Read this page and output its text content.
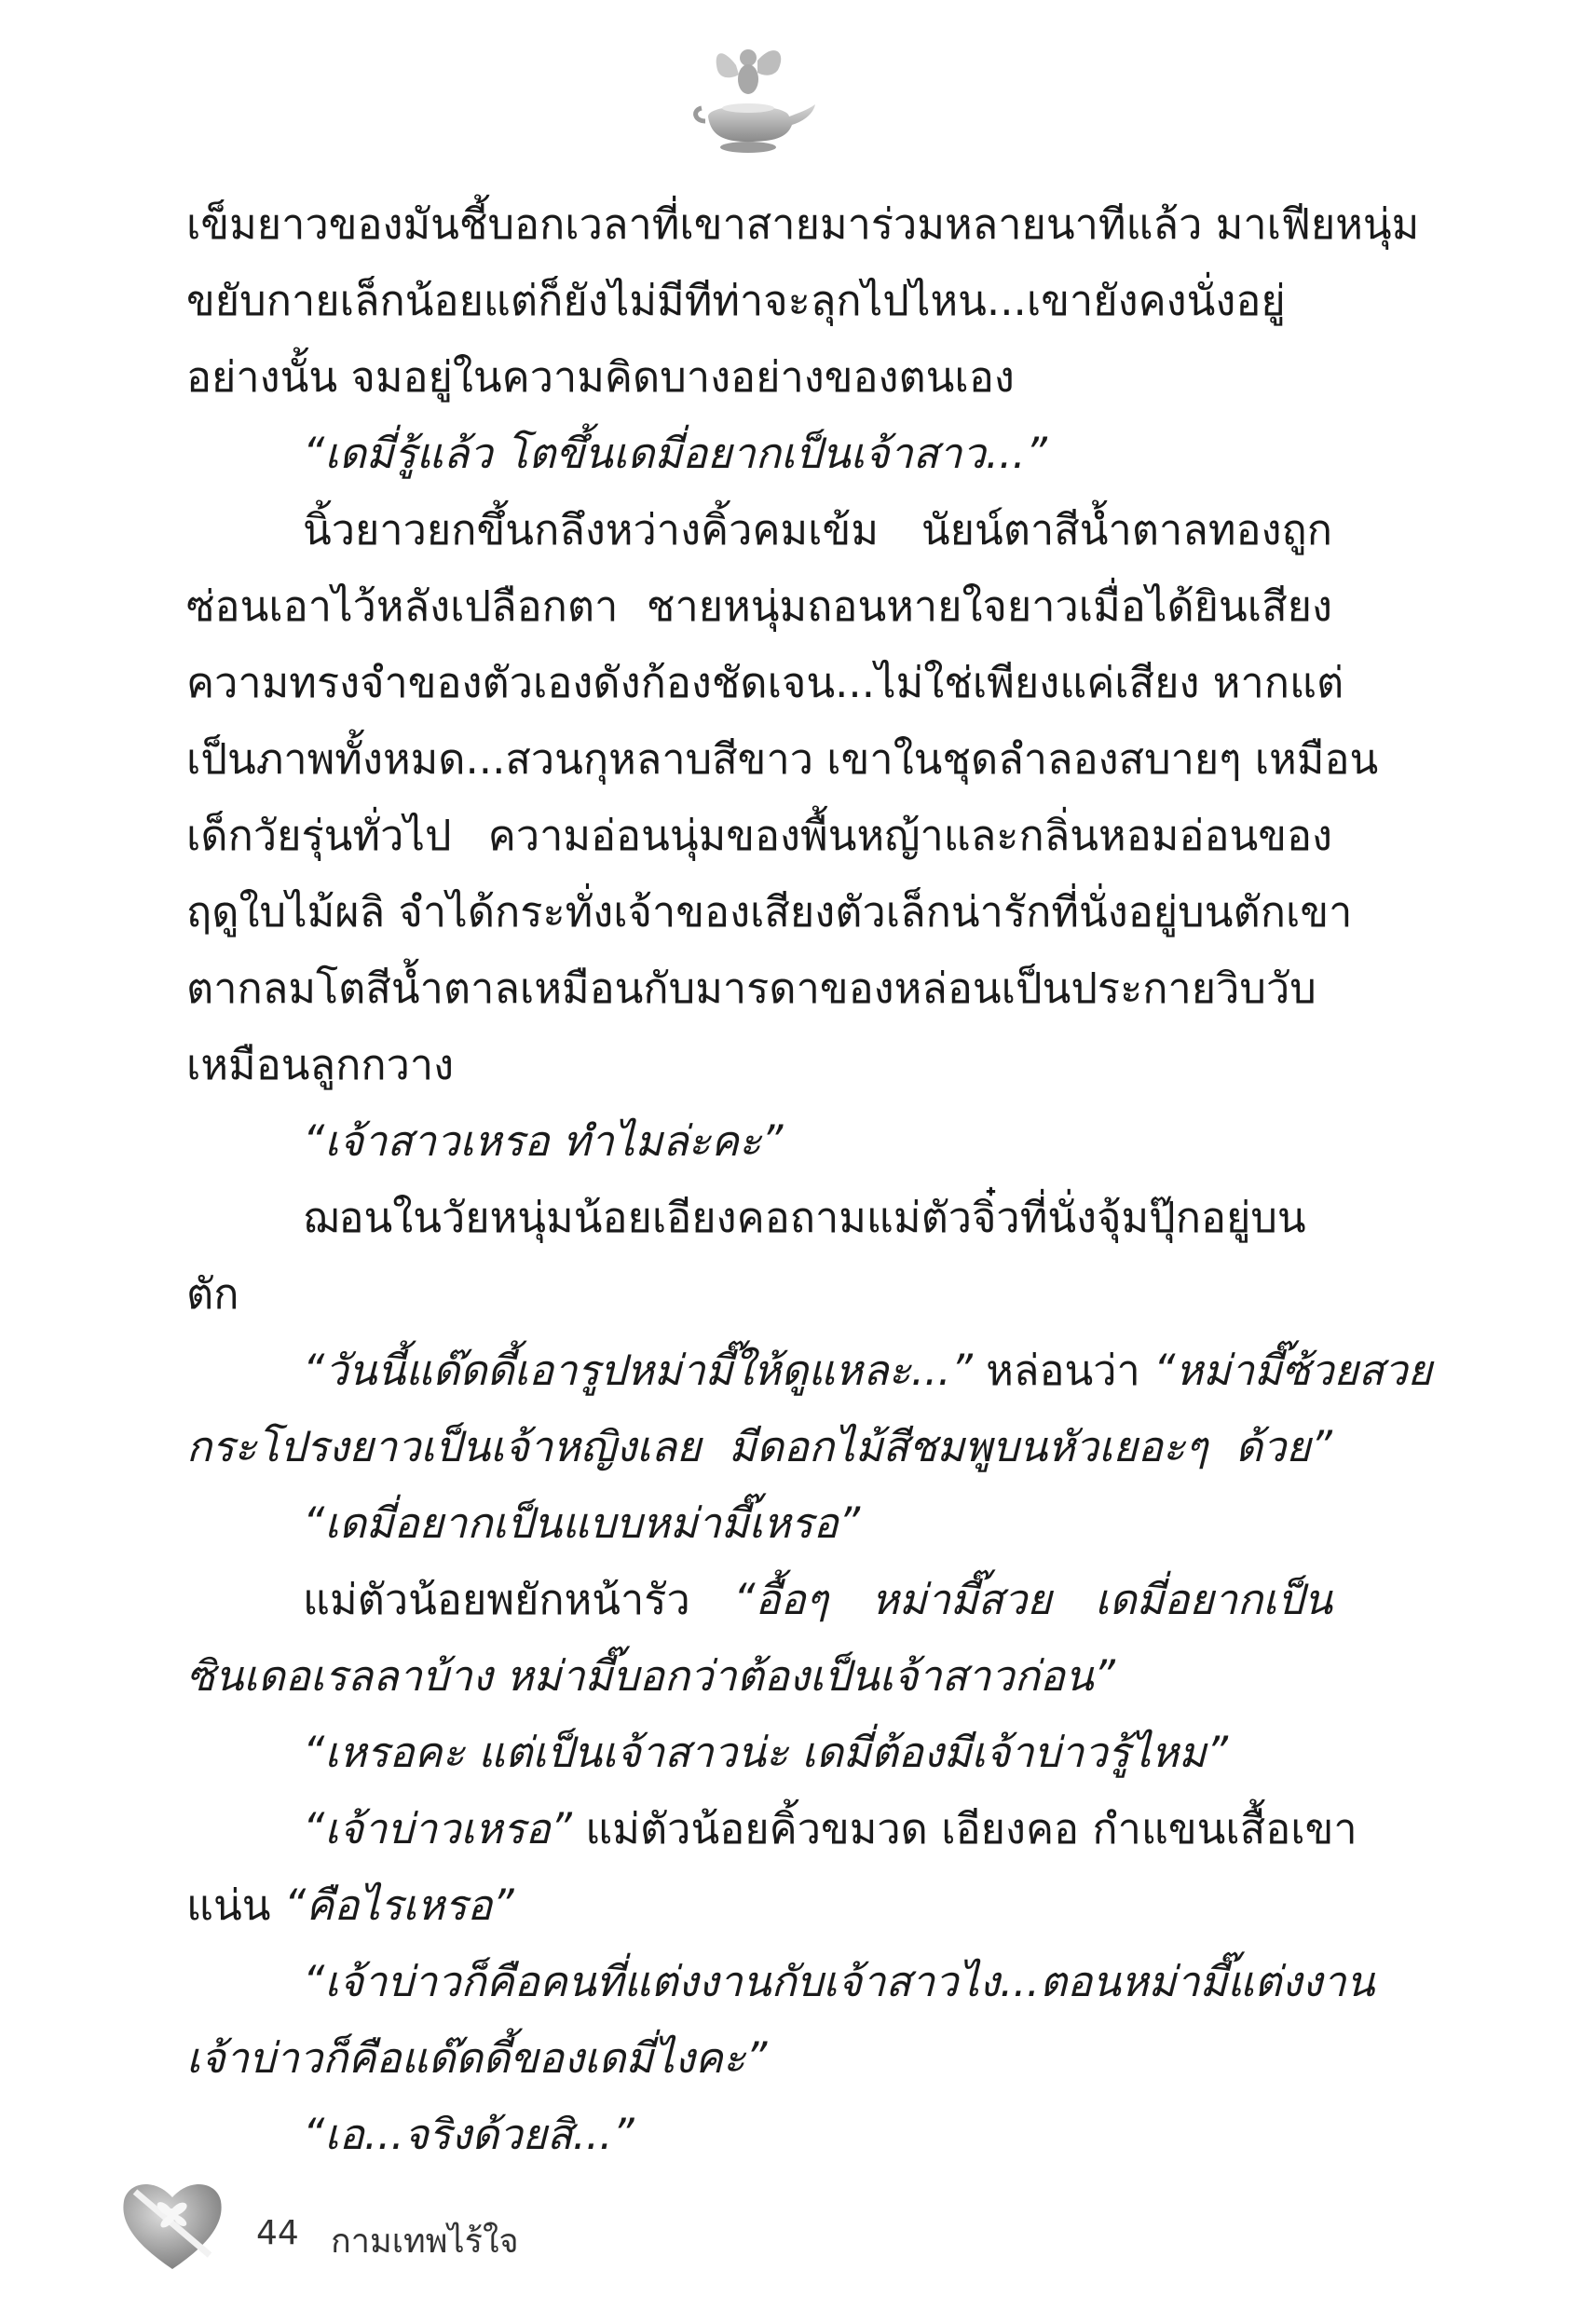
เข็มยาวของมันชี้บอกเวลาที่เขาสายมาร่วมหลายนาทีแล้ว มาเฟียหนุ่ม
ขยับกายเล็กน้อยแต่ก็ยังไม่มีทีท่าจะลุกไปไหน...เขายังคงนั่งอยู่
อย่างนั้น จมอยู่ในความคิดบางอย่างของตนเอง
“เดมี่รู้แล้ว โตขึ้นเดมี่อยากเป็นเจ้าสาว...”
นิ้วยาวยกขึ้นกลึงหว่างคิ้วคมเข้ม นัยน์ตาสีน้ำตาลทองถูก
ซ่อนเอาไว้หลังเปลือกตา ชายหนุ่มถอนหายใจยาวเมื่อได้ยินเสียง
ความทรงจำของตัวเองดังก้องชัดเจน...ไม่ใช่เพียงแค่เสียง หากแต่
เป็นภาพทั้งหมด...สวนกุหลาบสีขาว เขาในชุดลำลองสบายๆ เหมือน
เด็กวัยรุ่นทั่วไป ความอ่อนนุ่มของพื้นหญ้าและกลิ่นหอมอ่อนของ
ฤดูใบไม้ผลิ จำได้กระทั่งเจ้าของเสียงตัวเล็กน่ารักที่นั่งอยู่บนตักเขา
ตากลมโตสีน้ำตาลเหมือนกับมารดาของหล่อนเป็นประกายวิบวับ
เหมือนลูกกวาง
“เจ้าสาวเหรอ ทำไมล่ะคะ”
ฌอนในวัยหนุ่มน้อยเอียงคอถามแม่ตัวจิ๋วที่นั่งจุ้มปุ๊กอยู่บน
ตัก
“วันนี้แด๊ดดี้เอารูปหม่ามี๊ให้ดูแหละ...” หล่อนว่า “หม่ามี๊ซ้วยสวย
กระโปรงยาวเป็นเจ้าหญิงเลย มีดอกไม้สีชมพูบนหัวเยอะๆ ด้วย”
“เดมี่อยากเป็นแบบหม่ามี๊เหรอ”
แม่ตัวน้อยพยักหน้ารัว “อื้อๆ หม่ามี๊สวย เดมี่อยากเป็น
ซินเดอเรลลาบ้าง หม่ามี๊บอกว่าต้องเป็นเจ้าสาวก่อน”
“เหรอคะ แต่เป็นเจ้าสาวน่ะ เดมี่ต้องมีเจ้าบ่าวรู้ไหม”
“เจ้าบ่าวเหรอ” แม่ตัวน้อยคิ้วขมวด เอียงคอ กำแขนเสื้อเขา
แน่น “คือไรเหรอ”
“เจ้าบ่าวก็คือคนที่แต่งงานกับเจ้าสาวไง...ตอนหม่ามี๊แต่งงาน
เจ้าบ่าวก็คือแด๊ดดี้ของเดมี่ไงคะ”
“เอ...จริงด้วยสิ...”
44 กามเทพไร้ใจ
